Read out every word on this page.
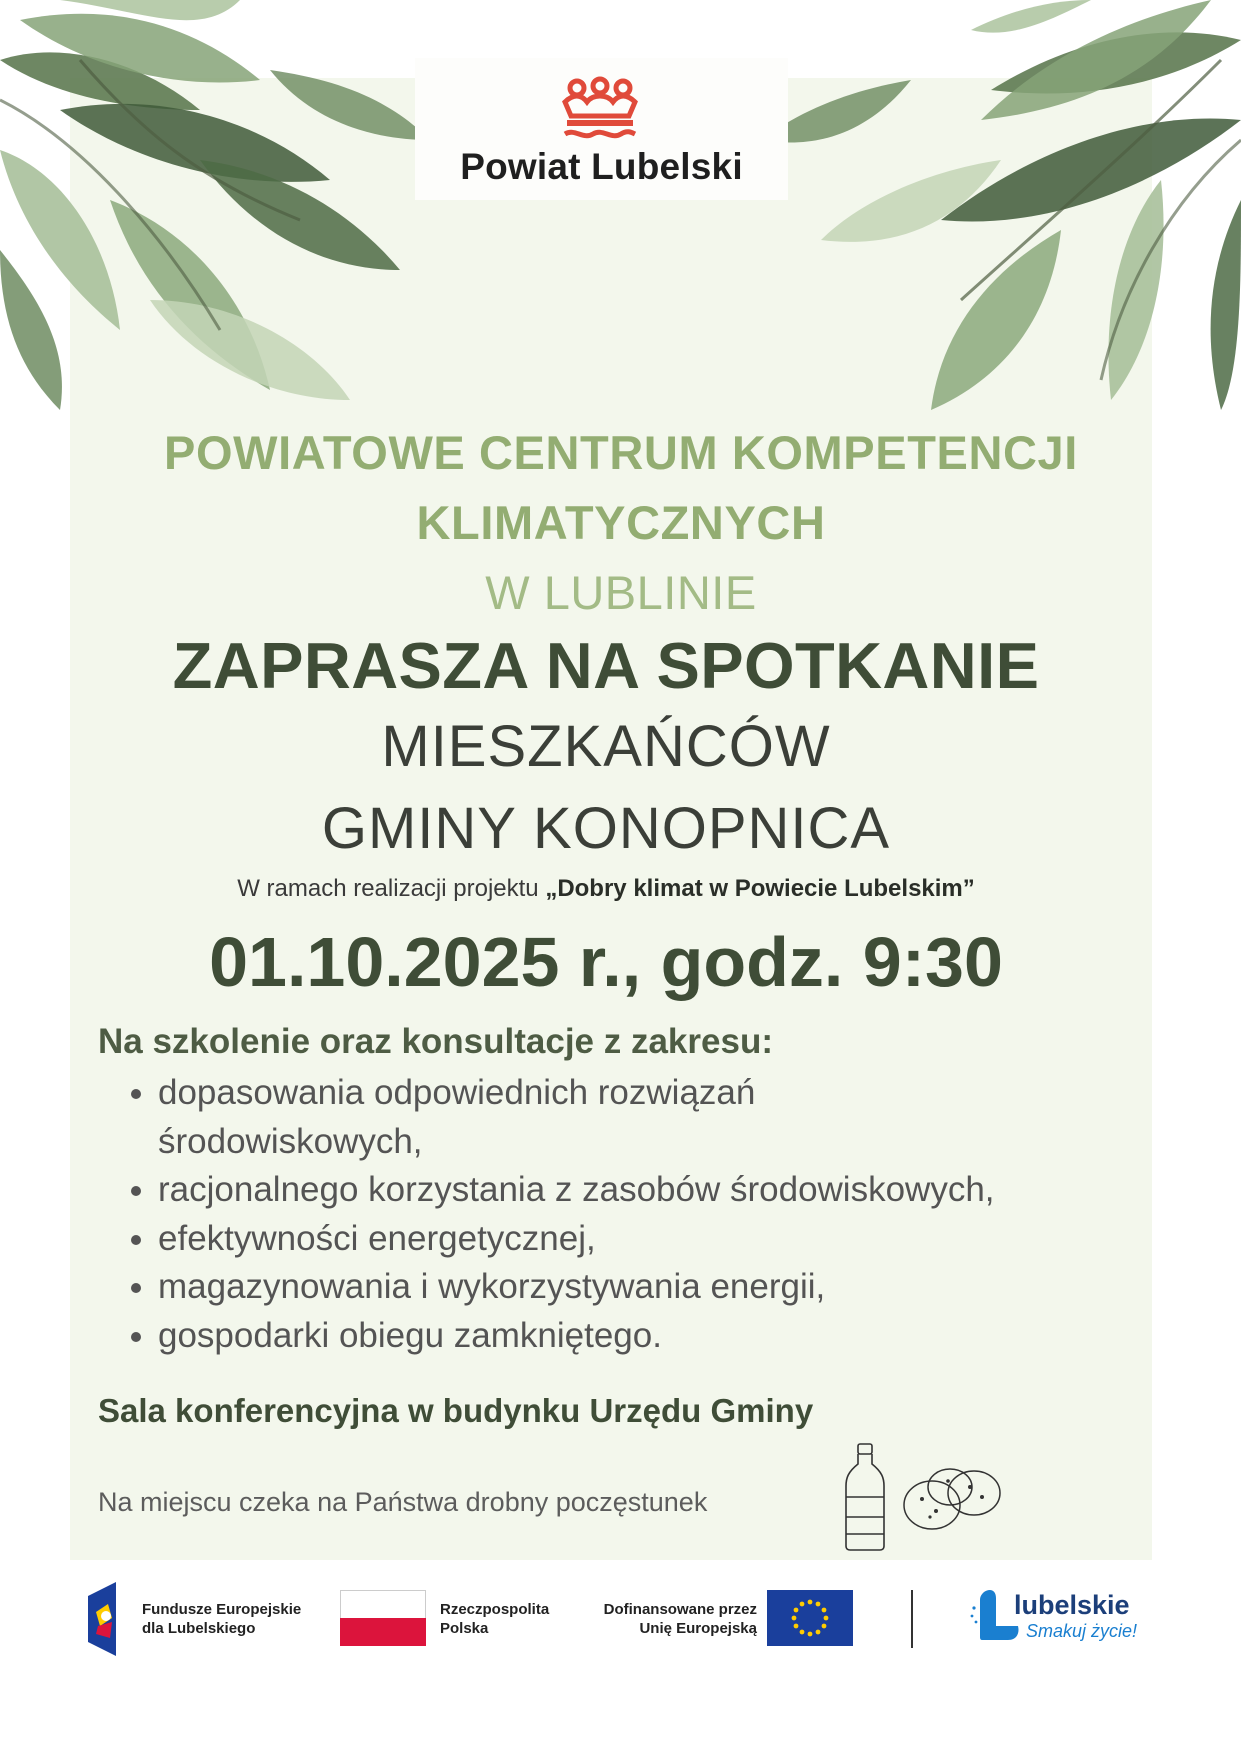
Powiat Lubelski
POWIATOWE CENTRUM KOMPETENCJI
KLIMATYCZNYCH
W LUBLINIE
ZAPRASZA NA SPOTKANIE
MIESZKAŃCÓW
GMINY KONOPNICA
W ramach realizacji projektu „Dobry klimat w Powiecie Lubelskim”
01.10.2025 r., godz. 9:30
Na szkolenie oraz konsultacje z zakresu:
• dopasowania odpowiednich rozwiązań środowiskowych,
• racjonalnego korzystania z zasobów środowiskowych,
• efektywności energetycznej,
• magazynowania i wykorzystywania energii,
• gospodarki obiegu zamkniętego.
Sala konferencyjna w budynku Urzędu Gminy
Na miejscu czeka na Państwa drobny poczęstunek
Fundusze Europejskie
dla Lubelskiego
Rzeczpospolita
Polska
Dofinansowane przez
Unię Europejską
lubelskie
Smakuj życie!
